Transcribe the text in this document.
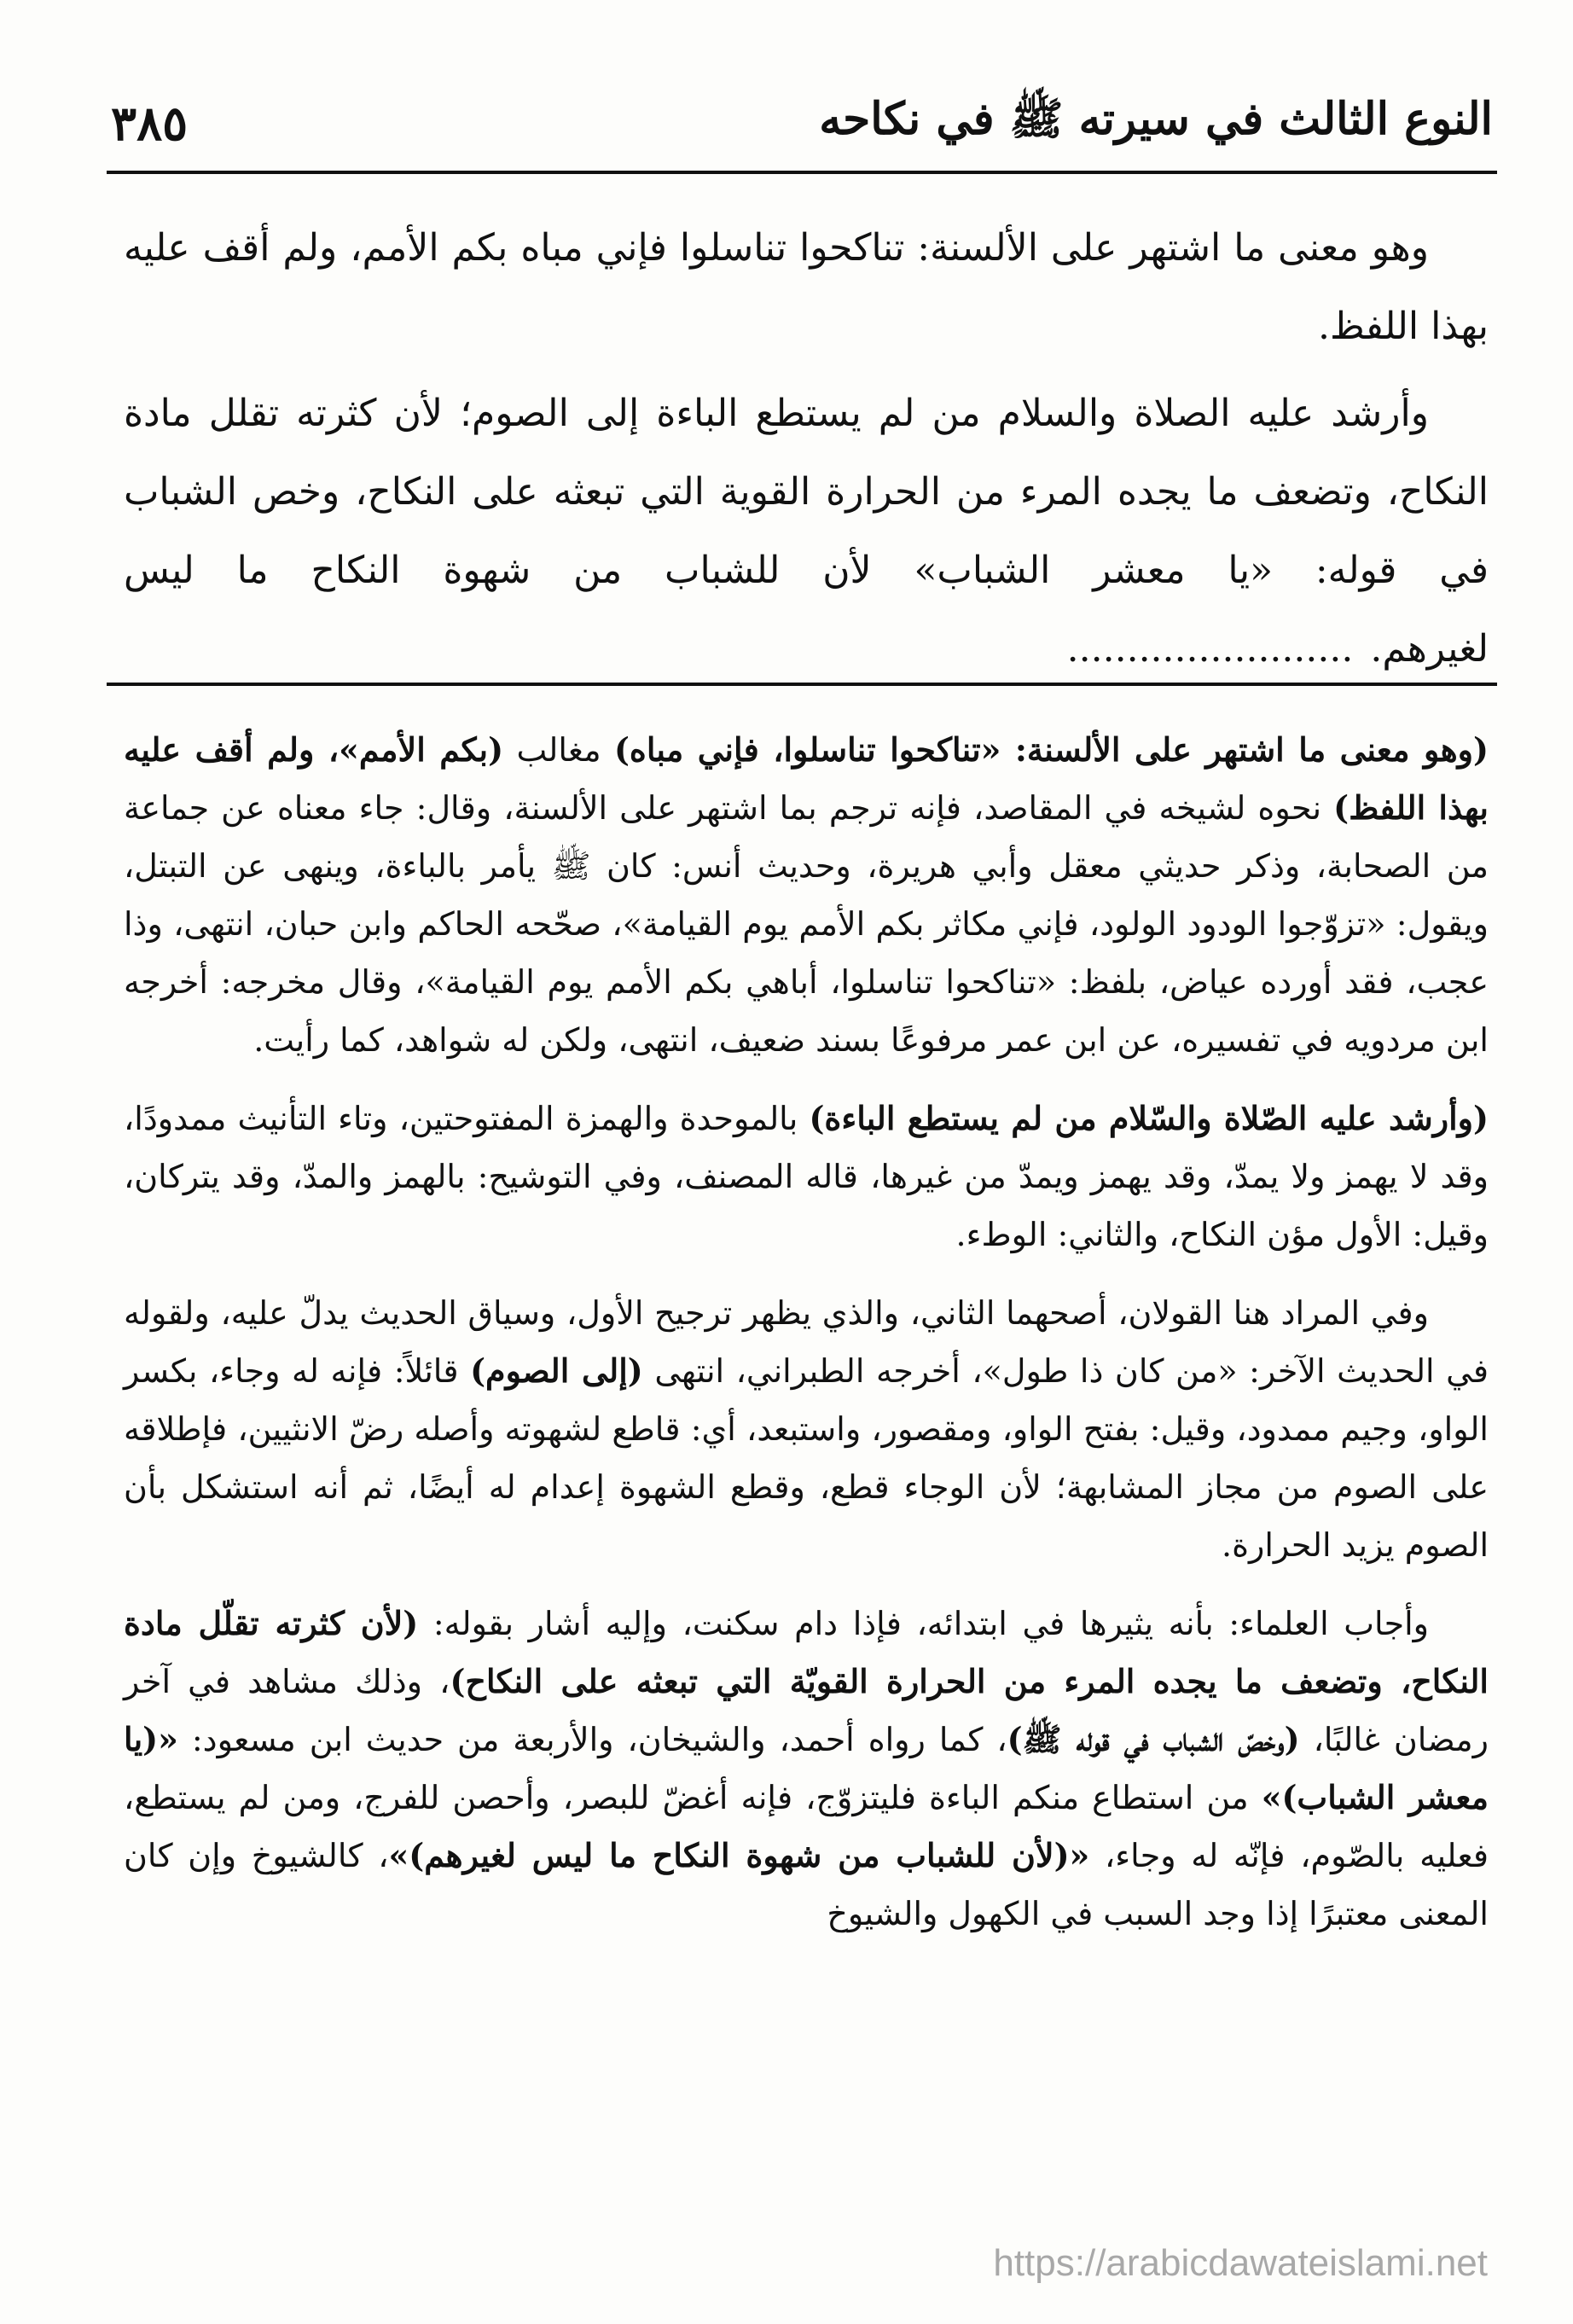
النوع الثالث في سيرته ﷺ في نكاحه
٣٨٥

وهو معنى ما اشتهر على الألسنة: تناكحوا تناسلوا فإني مباه بكم الأمم، ولم أقف عليه بهذا اللفظ.

وأرشد عليه الصلاة والسلام من لم يستطع الباءة إلى الصوم؛ لأن كثرته تقلل مادة النكاح، وتضعف ما يجده المرء من الحرارة القوية التي تبعثه على النكاح، وخص الشباب في قوله: «يا معشر الشباب» لأن للشباب من شهوة النكاح ما ليس لغيرهم.........................

(وهو معنى ما اشتهر على الألسنة: «تناكحوا تناسلوا، فإني مباه) مغالب (بكم الأمم»، ولم أقف عليه بهذا اللفظ) نحوه لشيخه في المقاصد، فإنه ترجم بما اشتهر على الألسنة، وقال: جاء معناه عن جماعة من الصحابة، وذكر حديثي معقل وأبي هريرة، وحديث أنس: كان ﷺ يأمر بالباءة، وينهى عن التبتل، ويقول: «تزوّجوا الودود الولود، فإني مكاثر بكم الأمم يوم القيامة»، صحّحه الحاكم وابن حبان، انتهى، وذا عجب، فقد أورده عياض، بلفظ: «تناكحوا تناسلوا، أباهي بكم الأمم يوم القيامة»، وقال مخرجه: أخرجه ابن مردويه في تفسيره، عن ابن عمر مرفوعًا بسند ضعيف، انتهى، ولكن له شواهد، كما رأيت.

(وأرشد عليه الصّلاة والسّلام من لم يستطع الباءة) بالموحدة والهمزة المفتوحتين، وتاء التأنيث ممدودًا، وقد لا يهمز ولا يمدّ، وقد يهمز ويمدّ من غيرها، قاله المصنف، وفي التوشيح: بالهمز والمدّ، وقد يتركان، وقيل: الأول مؤن النكاح، والثاني: الوطء.

وفي المراد هنا القولان، أصحهما الثاني، والذي يظهر ترجيح الأول، وسياق الحديث يدلّ عليه، ولقوله في الحديث الآخر: «من كان ذا طول»، أخرجه الطبراني، انتهى (إلى الصوم) قائلاً: فإنه له وجاء، بكسر الواو، وجيم ممدود، وقيل: بفتح الواو، ومقصور، واستبعد، أي: قاطع لشهوته وأصله رضّ الانثيين، فإطلاقه على الصوم من مجاز المشابهة؛ لأن الوجاء قطع، وقطع الشهوة إعدام له أيضًا، ثم أنه استشكل بأن الصوم يزيد الحرارة.

وأجاب العلماء: بأنه يثيرها في ابتدائه، فإذا دام سكنت، وإليه أشار بقوله: (لأن كثرته تقلّل مادة النكاح، وتضعف ما يجده المرء من الحرارة القويّة التي تبعثه على النكاح)، وذلك مشاهد في آخر رمضان غالبًا، (وخصّ الشباب في قوله ﷺ)، كما رواه أحمد، والشيخان، والأربعة من حديث ابن مسعود: «(يا معشر الشباب)» من استطاع منكم الباءة فليتزوّج، فإنه أغضّ للبصر، وأحصن للفرج، ومن لم يستطع، فعليه بالصّوم، فإنّه له وجاء، «(لأن للشباب من شهوة النكاح ما ليس لغيرهم)»، كالشيوخ وإن كان المعنى معتبرًا إذا وجد السبب في الكهول والشيوخ

https://arabicdawateislami.net
